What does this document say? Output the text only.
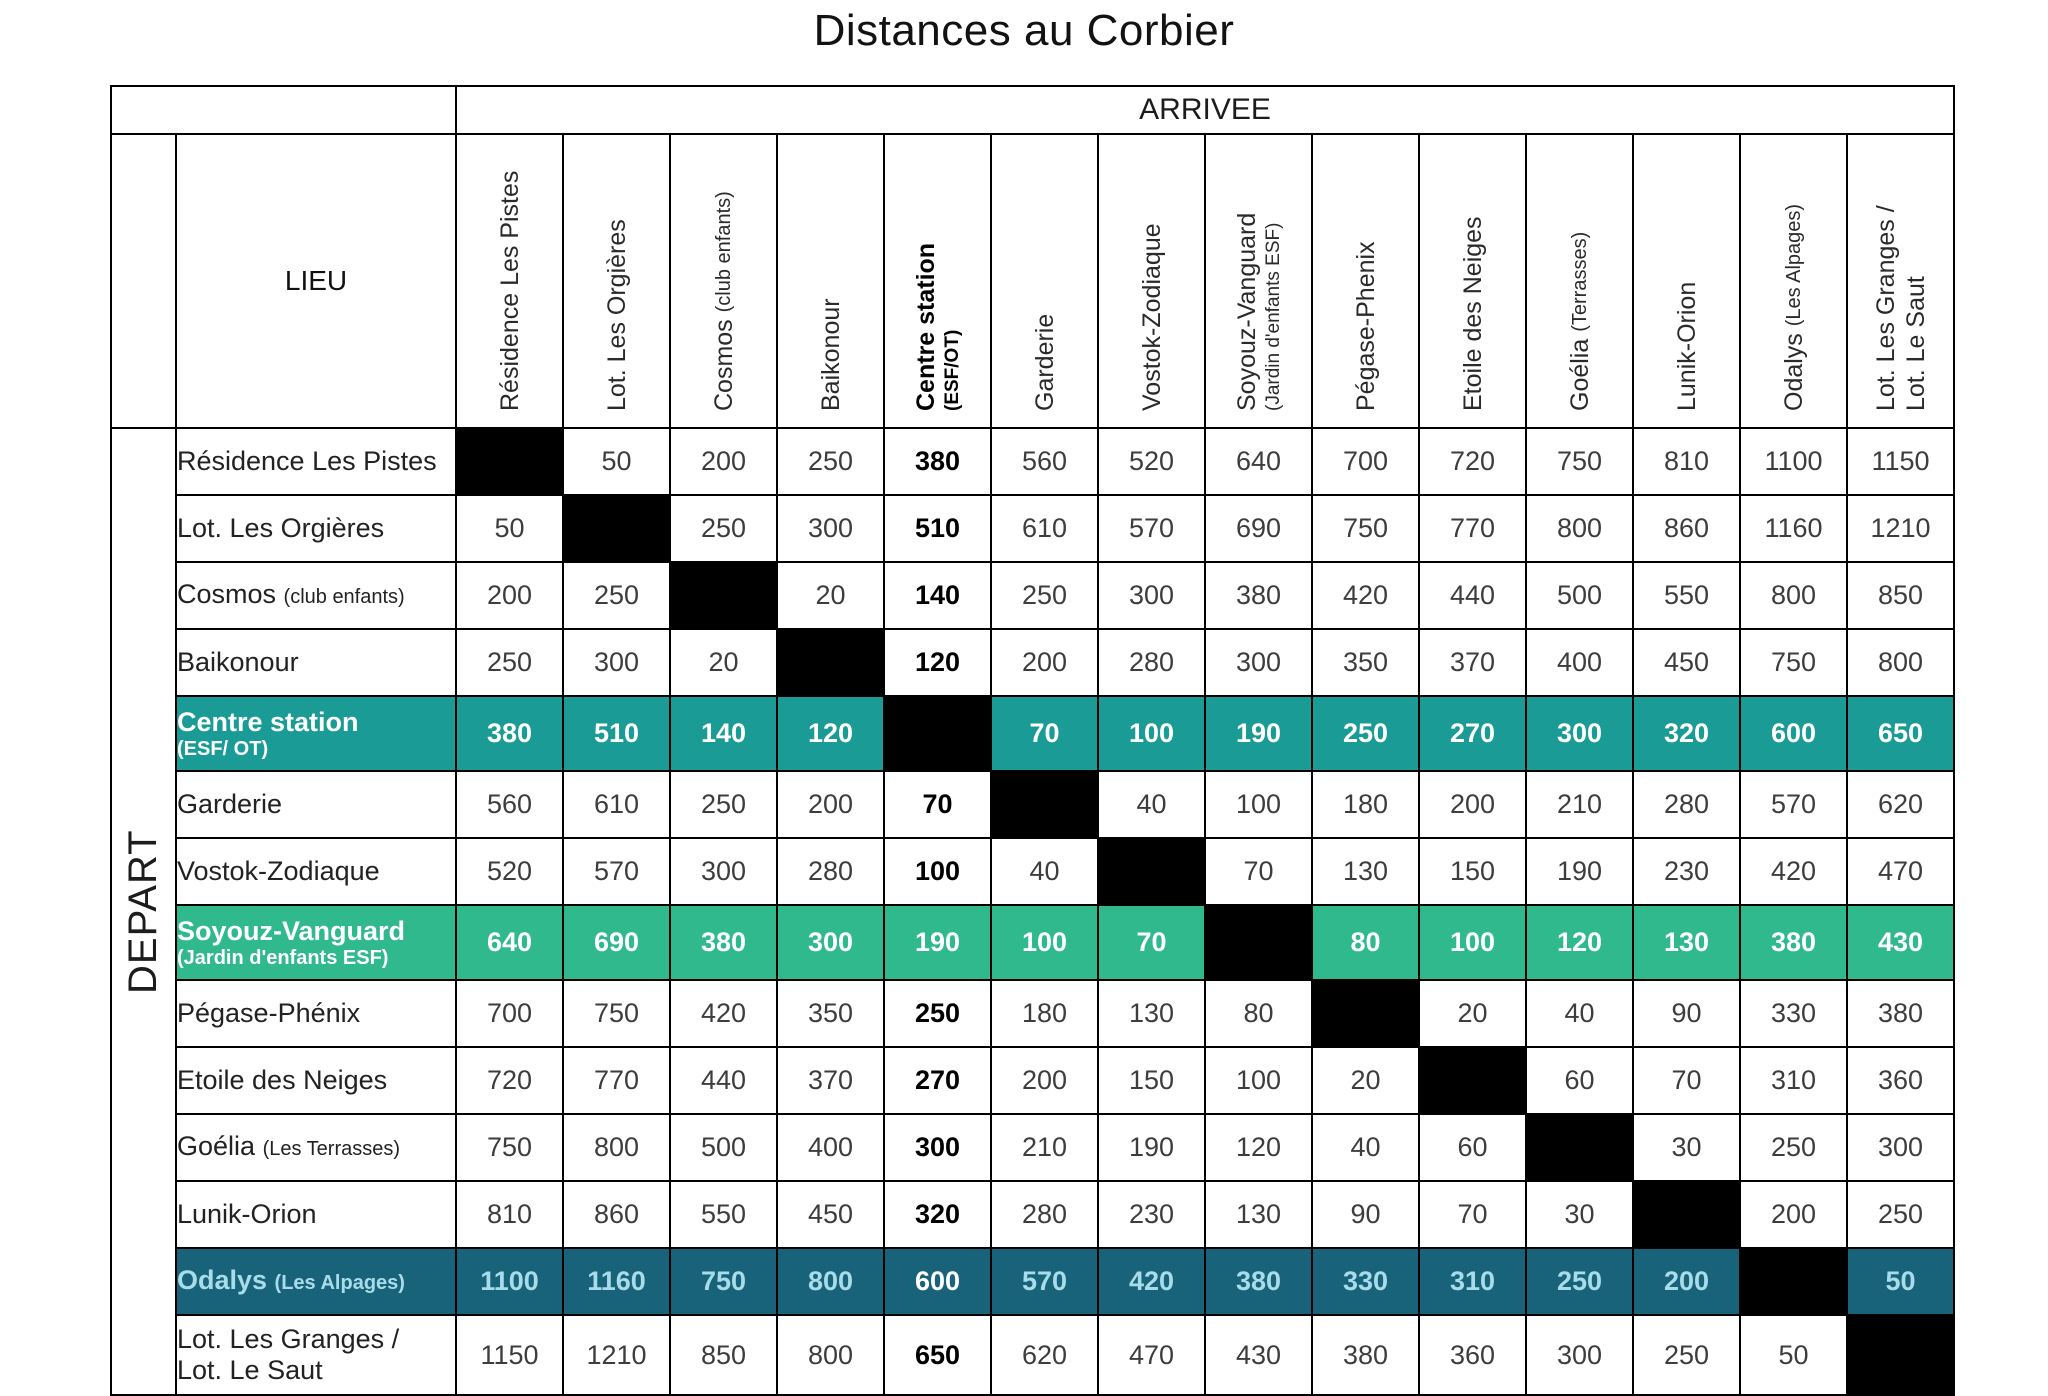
Distances au Corbier
		ARRIVEE													
	LIEU	Résidence Les Pistes	Lot. Les Orgières	Cosmos (club enfants)

Baikonour	Centre station (ESF/OT)	Garderie	Vostok-Zodiaque	Soyouz-Vanguard (Jardin d'enfants ESF)	Pégase-Phenix	Etoile des Neiges	Goélia (Terrasses)	Lunik-Orion	Odalys (Les Alpages)	Lot. Les Granges / Lot. Le Saut

DEPART	Résidence Les Pistes		50	200	250	380	560	520	640	700	720	750	810	1100	1150

	Lot. Les Orgières	50		250	300	510	610	570	690	750	770	800	860	1160	1210

	Cosmos (club enfants)	200	250		20	140	250	300	380	420	440	500	550	800	850

	Baikonour	250	300	20		120	200	280	300	350	370	400	450	750	800

	Centre station
(ESF/ OT)	380	510	140	120		70	100	190	250	270	300	320	600	650

	Garderie	560	610	250	200	70		40	100	180	200	210	280	570	620

	Vostok-Zodiaque	520	570	300	280	100	40		70	130	150	190	230	420	470

	Soyouz-Vanguard
(Jardin d'enfants ESF)	640	690	380	300	190	100	70		80	100	120	130	380	430

	Pégase-Phénix	700	750	420	350	250	180	130	80		20	40	90	330	380

	Etoile des Neiges	720	770	440	370	270	200	150	100	20		60	70	310	360

	Goélia (Les Terrasses)	750	800	500	400	300	210	190	120	40	60		30	250	300

	Lunik-Orion	810	860	550	450	320	280	230	130	90	70	30		200	250

	Odalys (Les Alpages)	1100	1160	750	800	600	570	420	380	330	310	250	200		50

	Lot. Les Granges /
Lot. Le Saut	1150	1210	850	800	650	620	470	430	380	360	300	250	50	
